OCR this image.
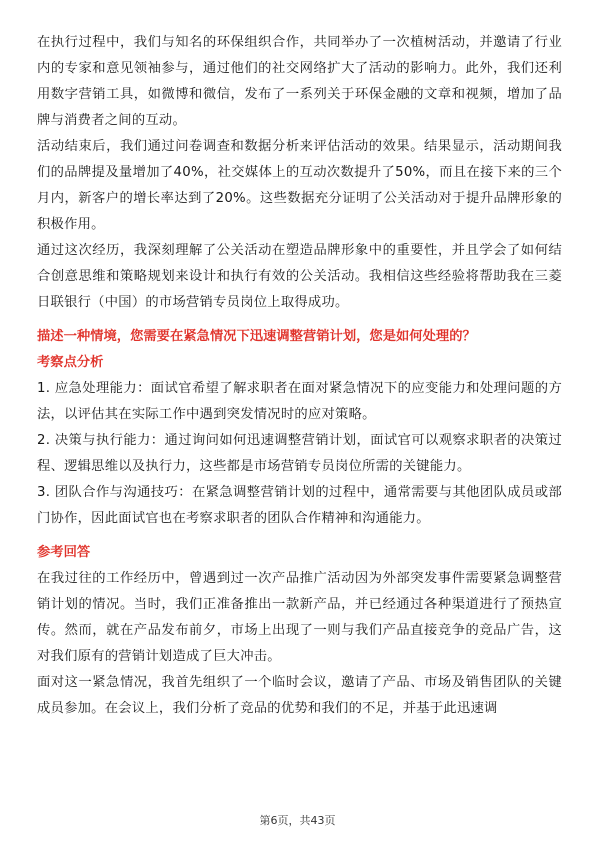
在执行过程中，我们与知名的环保组织合作，共同举办了一次植树活动，并邀请了行业内的专家和意见领袖参与，通过他们的社交网络扩大了活动的影响力。此外，我们还利用数字营销工具，如微博和微信，发布了一系列关于环保金融的文章和视频，增加了品牌与消费者之间的互动。

活动结束后，我们通过问卷调查和数据分析来评估活动的效果。结果显示，活动期间我们的品牌提及量增加了40%，社交媒体上的互动次数提升了50%，而且在接下来的三个月内，新客户的增长率达到了20%。这些数据充分证明了公关活动对于提升品牌形象的积极作用。

通过这次经历，我深刻理解了公关活动在塑造品牌形象中的重要性，并且学会了如何结合创意思维和策略规划来设计和执行有效的公关活动。我相信这些经验将帮助我在三菱日联银行（中国）的市场营销专员岗位上取得成功。

描述一种情境，您需要在紧急情况下迅速调整营销计划，您是如何处理的？

考察点分析

1. 应急处理能力：面试官希望了解求职者在面对紧急情况下的应变能力和处理问题的方法，以评估其在实际工作中遇到突发情况时的应对策略。

2. 决策与执行能力：通过询问如何迅速调整营销计划，面试官可以观察求职者的决策过程、逻辑思维以及执行力，这些都是市场营销专员岗位所需的关键能力。

3. 团队合作与沟通技巧：在紧急调整营销计划的过程中，通常需要与其他团队成员或部门协作，因此面试官也在考察求职者的团队合作精神和沟通能力。

参考回答

在我过往的工作经历中，曾遇到过一次产品推广活动因为外部突发事件需要紧急调整营销计划的情况。当时，我们正准备推出一款新产品，并已经通过各种渠道进行了预热宣传。然而，就在产品发布前夕，市场上出现了一则与我们产品直接竞争的竞品广告，这对我们原有的营销计划造成了巨大冲击。

面对这一紧急情况，我首先组织了一个临时会议，邀请了产品、市场及销售团队的关键成员参加。在会议上，我们分析了竞品的优势和我们的不足，并基于此迅速调

第6页，共43页
